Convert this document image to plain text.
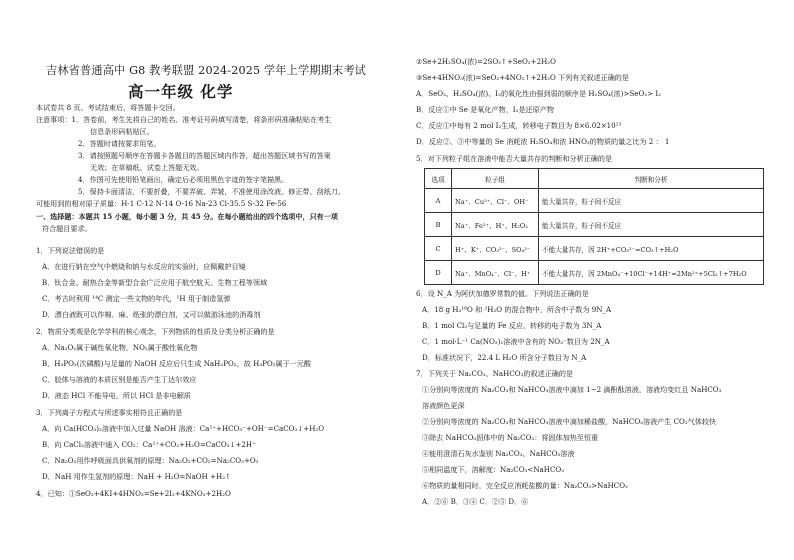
吉林省普通高中 G8 教考联盟 2024-2025 学年上学期期末考试
高一年级 化学
本试卷共 8 页。考试结束后，将答题卡交回。
注意事项：1．答卷前，考生先将自己的姓名、准考证号码填写清楚，将条形码准确粘贴在考生
信息条形码粘贴区。
2．答题时请按要求用笔。
3．请按照题号顺序在答题卡各题目的答题区域内作答，超出答题区域书写的答案
无效；在草稿纸、试卷上答题无效。
4．作图可先使用铅笔画出，确定后必须用黑色字迹的签字笔描黑。
5．保持卡面清洁，不要折叠，不要弄破、弄皱，不准使用涂改液、修正带、刮纸刀。
可能用到的相对原子质量：H-1 C-12 N-14 O-16 Na-23 Cl-35.5 S-32 Fe-56
一、选择题：本题共 15 小题，每小题 3 分，共 45 分。在每小题给出的四个选项中，只有一项
符合题目要求。
1．下列说法错误的是
A．在进行钠在空气中燃烧和钠与水反应的实验时，应佩戴护目镜
B．钛合金、耐热合金等新型合金广泛应用于航空航天、生物工程等领域
C．考古时利用 ¹⁴C 测定一些文物的年代，¹H 用于制造氢弹
D．漂白液既可以作棉、麻、纸张的漂白剂，又可以做游泳池的消毒剂
2．物质分类观是化学学科的核心观念，下列物质的性质及分类分析正确的是
A．Na₂O₂属于碱性氧化物，NO₂属于酸性氧化物
B．H₃PO₂(次磷酸)与足量的 NaOH 反应后只生成 NaH₂PO₂，故 H₃PO₂属于一元酸
C．胶体与溶液的本质区别是能否产生丁达尔效应
D．液态 HCl 不能导电，所以 HCl 是非电解质
3．下列离子方程式与所述事实相符且正确的是
A．向 Ca(HCO₃)₂溶液中加入过量 NaOH 溶液：Ca²⁺+HCO₃⁻+OH⁻=CaCO₃↓+H₂O
B．向 CaCl₂溶液中通入 CO₂：Ca²⁺+CO₂+H₂O=CaCO₃↓+2H⁺
C．Na₂O₂用作呼吸面具供氧剂的原理：Na₂O₂+CO₂=Na₂CO₃+O₂
D．NaH 用作生氢剂的原理：NaH + H₂O=NaOH +H₂↑
4．已知：①SeO₂+4KI+4HNO₃=Se+2I₂+4KNO₃+2H₂O
②Se+2H₂SO₄(浓)=2SO₂↑+SeO₂+2H₂O
③Se+4HNO₃(浓)=SeO₂+4NO₂↑+2H₂O 下列有关叙述正确的是
A．SeO₂、H₂SO₄(浓)、I₂的氧化性由强到弱的顺序是 H₂SO₄(浓)>SeO₂> I₂
B．反应①中 Se 是氧化产物，I₂是还原产物
C．反应①中每有 2 mol I₂生成，转移电子数目为 8×6.02×10²³
D．反应②、③中等量的 Se 消耗浓 H₂SO₄和浓 HNO₃的物质的量之比为 2 ： 1
5．对下列粒子组在溶液中能否大量共存的判断和分析正确的是
选项	粒子组	判断和分析
A	Na⁺、Cu²⁺、Cl⁻、OH⁻	能大量共存，粒子间不反应
B	Na⁺、Fe²⁺、H⁺、H₂O₂	能大量共存，粒子间不反应
C	H⁺、K⁺、CO₃²⁻、SO₄²⁻	不能大量共存，因 2H⁺+CO₃²⁻=CO₂↑+H₂O
D	Na⁺、MnO₄⁻、Cl⁻、H⁺	不能大量共存，因 2MnO₄⁻+10Cl⁻+14H⁺=2Mn²⁺+5Cl₂↑+7H₂O
6．设 N_A 为阿伏加德罗常数的值。下列说法正确的是
A．18 g H₂¹⁸O 和 ²H₂O 的混合物中，所含中子数为 9N_A
B．1 mol Cl₂与足量的 Fe 反应，转移的电子数为 3N_A
C．1 mol·L⁻¹ Ca(NO₃)₂溶液中含有的 NO₃⁻数目为 2N_A
D．标准状况下，22.4 L H₂O 所含分子数目为 N_A
7．下列关于 Na₂CO₃、NaHCO₃的叙述正确的是
①分别向等浓度的 Na₂CO₃和 NaHCO₃溶液中滴加 1~2 滴酚酞溶液，溶液均变红且 NaHCO₃
溶液颜色更深
②分别向等浓度的 Na₂CO₃和 NaHCO₃溶液中滴加稀盐酸，NaHCO₃溶液产生 CO₂气体较快
③除去 NaHCO₃固体中的 Na₂CO₃：将固体加热至恒重
④能用澄清石灰水鉴别 Na₂CO₃、NaHCO₃溶液
⑤相同温度下，溶解度：Na₂CO₃<NaHCO₃
⑥物质的量相同时，完全反应消耗盐酸的量：Na₂CO₃>NaHCO₃
A．②⑥ B．③④ C．②⑤ D．⑥
